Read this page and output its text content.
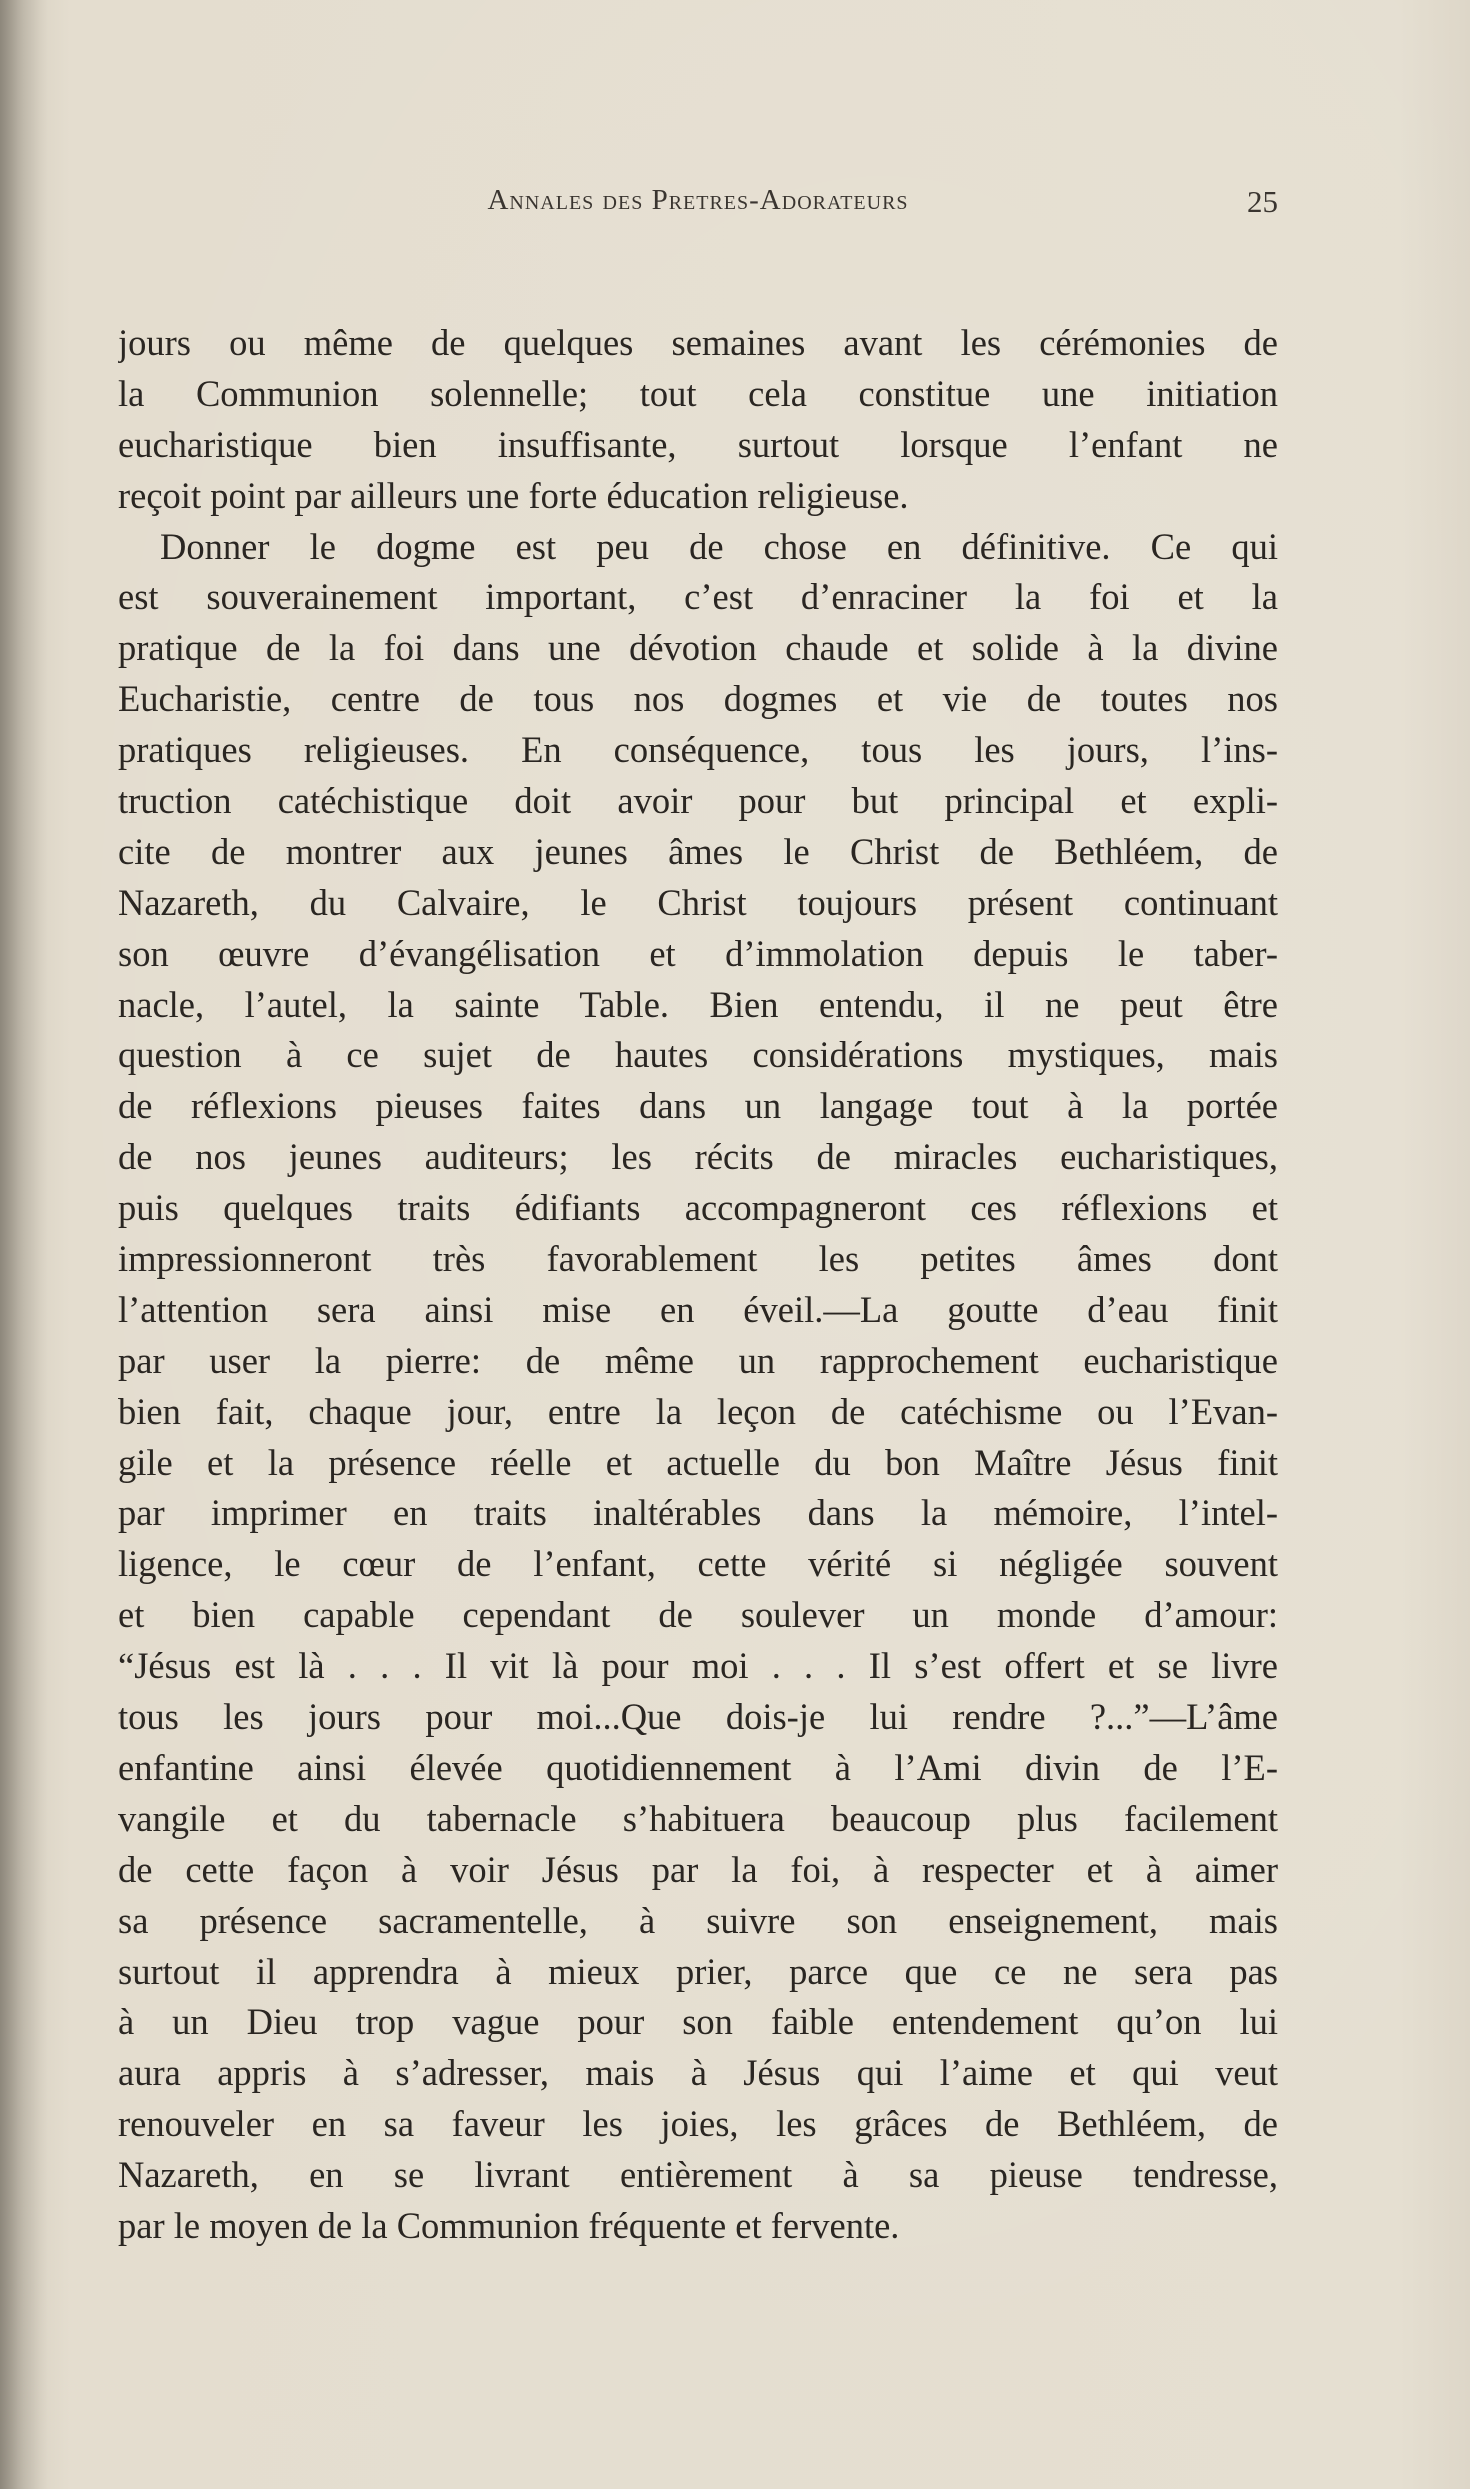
Annales des Pretres-Adorateurs	25
jours ou même de quelques semaines avant les cérémonies de
la Communion solennelle; tout cela constitue une initiation
eucharistique bien insuffisante, surtout lorsque l’enfant ne
reçoit point par ailleurs une forte éducation religieuse.
Donner le dogme est peu de chose en définitive. Ce qui
est souverainement important, c’est d’enraciner la foi et la
pratique de la foi dans une dévotion chaude et solide à la divine
Eucharistie, centre de tous nos dogmes et vie de toutes nos
pratiques religieuses. En conséquence, tous les jours, l’ins-
truction catéchistique doit avoir pour but principal et expli-
cite de montrer aux jeunes âmes le Christ de Bethléem, de
Nazareth, du Calvaire, le Christ toujours présent continuant
son œuvre d’évangélisation et d’immolation depuis le taber-
nacle, l’autel, la sainte Table. Bien entendu, il ne peut être
question à ce sujet de hautes considérations mystiques, mais
de réflexions pieuses faites dans un langage tout à la portée
de nos jeunes auditeurs; les récits de miracles eucharistiques,
puis quelques traits édifiants accompagneront ces réflexions et
impressionneront très favorablement les petites âmes dont
l’attention sera ainsi mise en éveil.—La goutte d’eau finit
par user la pierre: de même un rapprochement eucharistique
bien fait, chaque jour, entre la leçon de catéchisme ou l’Evan-
gile et la présence réelle et actuelle du bon Maître Jésus finit
par imprimer en traits inaltérables dans la mémoire, l’intel-
ligence, le cœur de l’enfant, cette vérité si négligée souvent
et bien capable cependant de soulever un monde d’amour:
“Jésus est là . . . Il vit là pour moi . . . Il s’est offert et se livre
tous les jours pour moi...Que dois-je lui rendre ?...”—L’âme
enfantine ainsi élevée quotidiennement à l’Ami divin de l’E-
vangile et du tabernacle s’habituera beaucoup plus facilement
de cette façon à voir Jésus par la foi, à respecter et à aimer
sa présence sacramentelle, à suivre son enseignement, mais
surtout il apprendra à mieux prier, parce que ce ne sera pas
à un Dieu trop vague pour son faible entendement qu’on lui
aura appris à s’adresser, mais à Jésus qui l’aime et qui veut
renouveler en sa faveur les joies, les grâces de Bethléem, de
Nazareth, en se livrant entièrement à sa pieuse tendresse,
par le moyen de la Communion fréquente et fervente.
